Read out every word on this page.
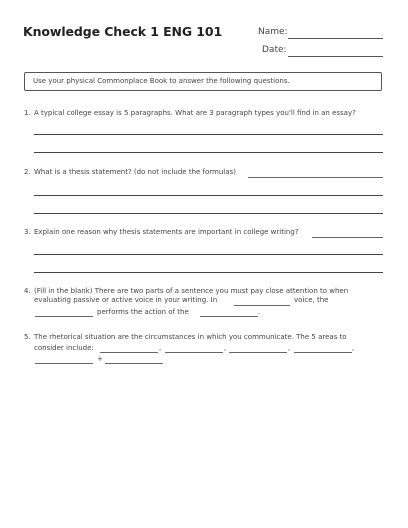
Knowledge Check 1 ENG 101	Name:
Date:
Use your physical Commonplace Book to answer the following questions.
1. A typical college essay is 5 paragraphs. What are 3 paragraph types you'll find in an essay?
2. What is a thesis statement? (do not include the formulas)
3. Explain one reason why thesis statements are important in college writing?
4. (Fill in the blank) There are two parts of a sentence you must pay close attention to when
evaluating passive or active voice in your writing. In	voice, the
performs the action of the	.
5. The rhetorical situation are the circumstances in which you communicate. The 5 areas to
consider include:	,	,	,	,
+
